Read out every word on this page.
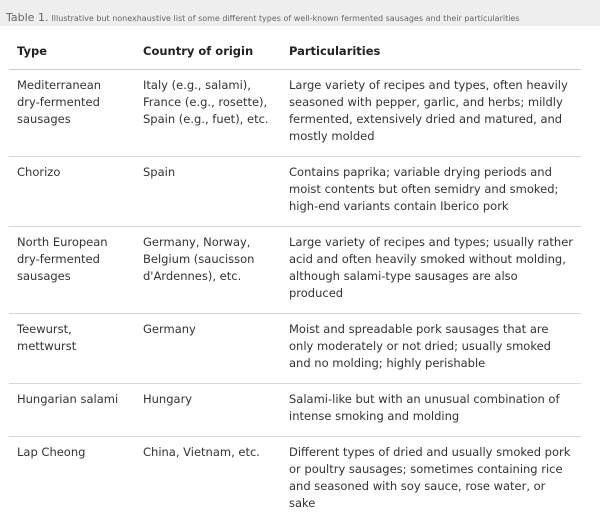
Table 1. Illustrative but nonexhaustive list of some different types of well-known fermented sausages and their particularities
Type	Country of origin	Particularities
Mediterranean dry-fermented sausages	Italy (e.g., salami), France (e.g., rosette), Spain (e.g., fuet), etc.	Large variety of recipes and types, often heavily seasoned with pepper, garlic, and herbs; mildly fermented, extensively dried and matured, and mostly molded
Chorizo	Spain	Contains paprika; variable drying periods and moist contents but often semidry and smoked; high-end variants contain Iberico pork
North European dry-fermented sausages	Germany, Norway, Belgium (saucisson d'Ardennes), etc.	Large variety of recipes and types; usually rather acid and often heavily smoked without molding, although salami-type sausages are also produced
Teewurst, mettwurst	Germany	Moist and spreadable pork sausages that are only moderately or not dried; usually smoked and no molding; highly perishable
Hungarian salami	Hungary	Salami-like but with an unusual combination of intense smoking and molding
Lap Cheong	China, Vietnam, etc.	Different types of dried and usually smoked pork or poultry sausages; sometimes containing rice and seasoned with soy sauce, rose water, or sake
